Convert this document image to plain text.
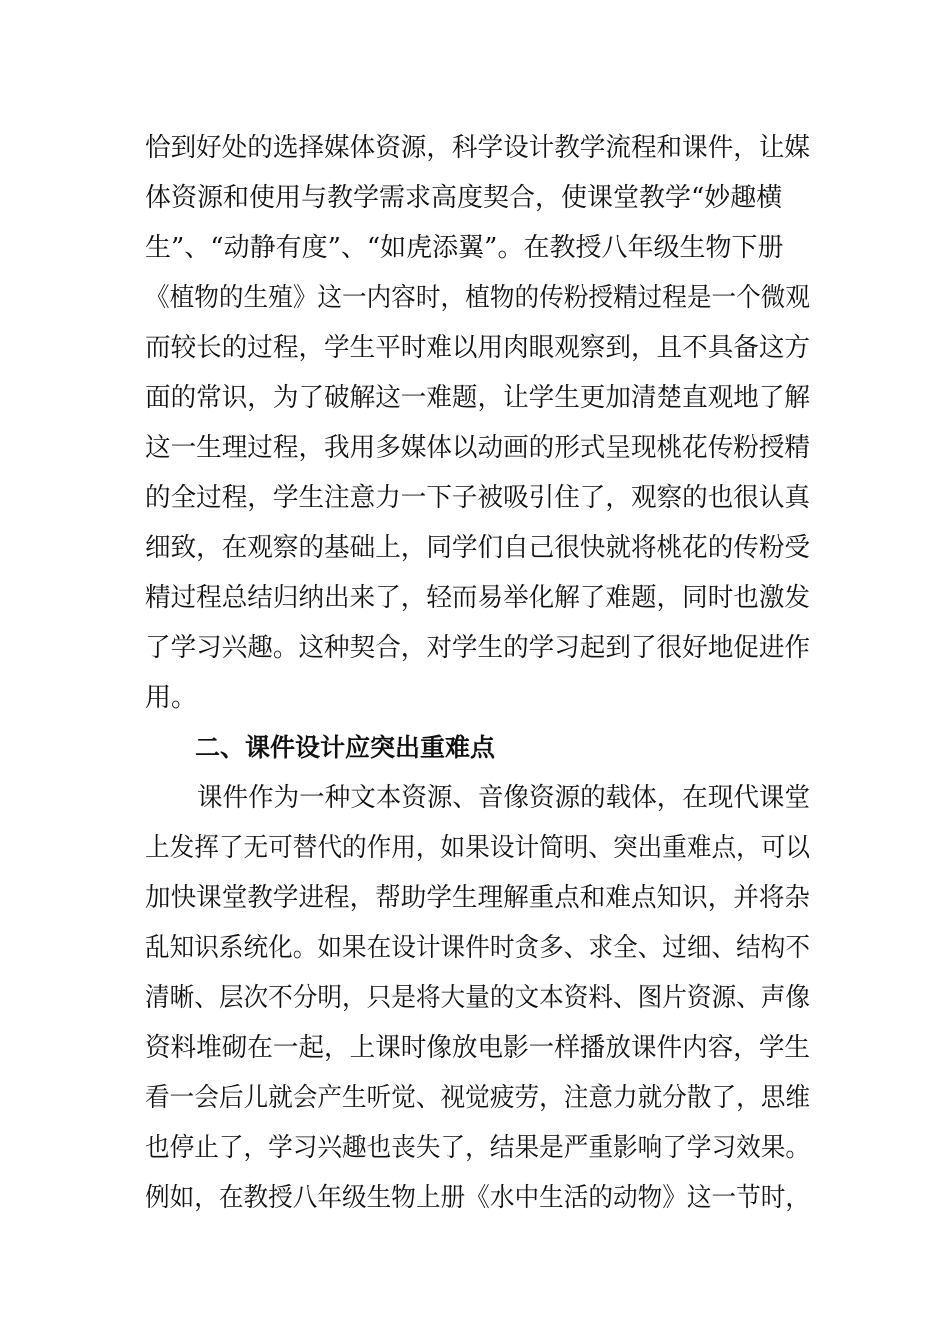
恰到好处的选择媒体资源，科学设计教学流程和课件，让媒
体资源和使用与教学需求高度契合，使课堂教学“妙趣横
生”、“动静有度”、“如虎添翼”。在教授八年级生物下册
《植物的生殖》这一内容时，植物的传粉授精过程是一个微观
而较长的过程，学生平时难以用肉眼观察到，且不具备这方
面的常识，为了破解这一难题，让学生更加清楚直观地了解
这一生理过程，我用多媒体以动画的形式呈现桃花传粉授精
的全过程，学生注意力一下子被吸引住了，观察的也很认真
细致，在观察的基础上，同学们自己很快就将桃花的传粉受
精过程总结归纳出来了，轻而易举化解了难题，同时也激发
了学习兴趣。这种契合，对学生的学习起到了很好地促进作
用。
二、课件设计应突出重难点
课件作为一种文本资源、音像资源的载体，在现代课堂
上发挥了无可替代的作用，如果设计简明、突出重难点，可以
加快课堂教学进程，帮助学生理解重点和难点知识，并将杂
乱知识系统化。如果在设计课件时贪多、求全、过细、结构不
清晰、层次不分明，只是将大量的文本资料、图片资源、声像
资料堆砌在一起，上课时像放电影一样播放课件内容，学生
看一会后儿就会产生听觉、视觉疲劳，注意力就分散了，思维
也停止了，学习兴趣也丧失了，结果是严重影响了学习效果。
例如，在教授八年级生物上册《水中生活的动物》这一节时，
